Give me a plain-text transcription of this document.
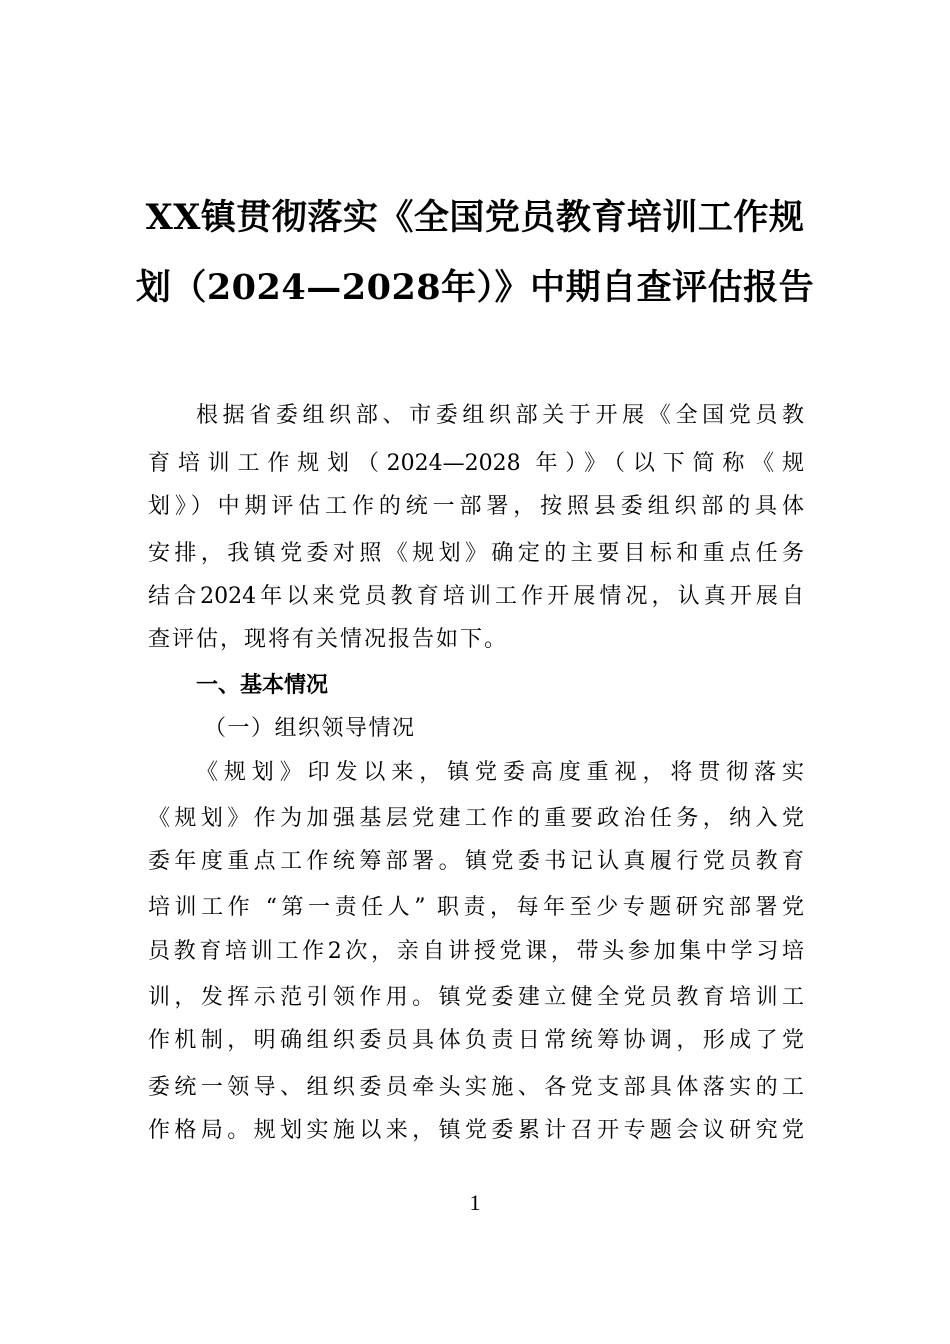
XX镇贯彻落实《全国党员教育培训工作规
划（2024—2028年）》中期自查评估报告
根据省委组织部、市委组织部关于开展《全国党员教
育培训工作规划（2024—2028 年）》（以下简称《规
划》）中期评估工作的统一部署，按照县委组织部的具体
安排，我镇党委对照《规划》确定的主要目标和重点任务
结合2024年以来党员教育培训工作开展情况，认真开展自
查评估，现将有关情况报告如下。
一、基本情况
（一）组织领导情况
《规划》印发以来，镇党委高度重视，将贯彻落实
《规划》作为加强基层党建工作的重要政治任务，纳入党
委年度重点工作统筹部署。镇党委书记认真履行党员教育
培训工作 “第一责任人” 职责，每年至少专题研究部署党
员教育培训工作2次，亲自讲授党课，带头参加集中学习培
训，发挥示范引领作用。镇党委建立健全党员教育培训工
作机制，明确组织委员具体负责日常统筹协调，形成了党
委统一领导、组织委员牵头实施、各党支部具体落实的工
作格局。规划实施以来，镇党委累计召开专题会议研究党
1
